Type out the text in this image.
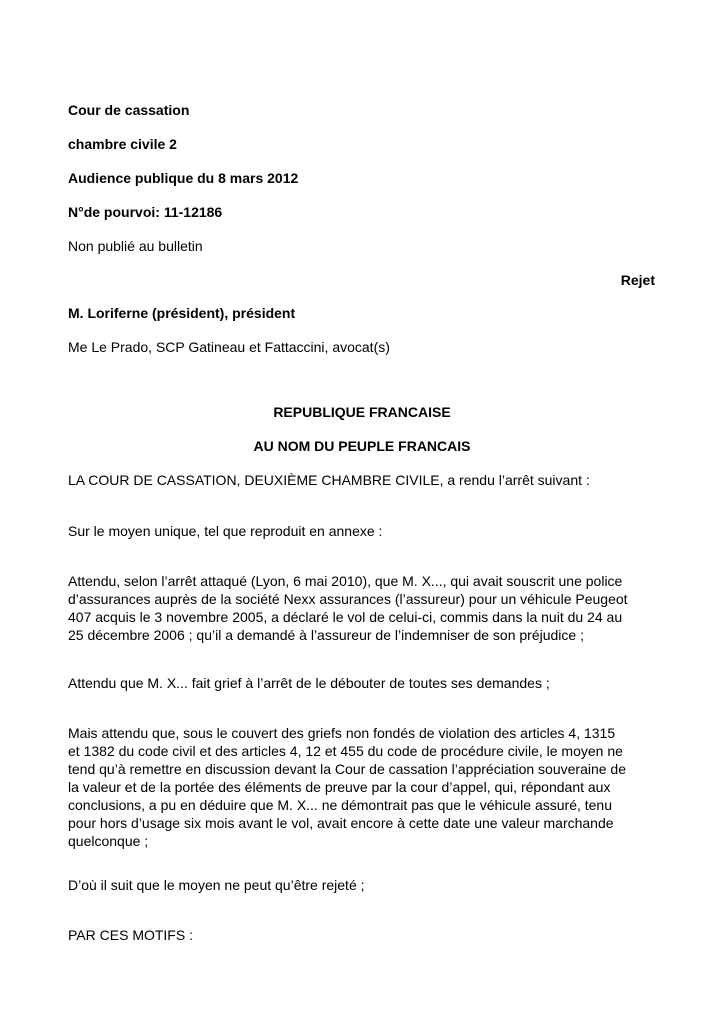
Cour de cassation
chambre civile 2
Audience publique du 8 mars 2012
N°de pourvoi: 11-12186
Non publié au bulletin
Rejet
M. Loriferne (président), président
Me Le Prado, SCP Gatineau et Fattaccini, avocat(s)
REPUBLIQUE FRANCAISE
AU NOM DU PEUPLE FRANCAIS
LA COUR DE CASSATION, DEUXIÈME CHAMBRE CIVILE, a rendu l’arrêt suivant :
Sur le moyen unique, tel que reproduit en annexe :
Attendu, selon l’arrêt attaqué (Lyon, 6 mai 2010), que M. X..., qui avait souscrit une police
d’assurances auprès de la société Nexx assurances (l’assureur) pour un véhicule Peugeot
407 acquis le 3 novembre 2005, a déclaré le vol de celui-ci, commis dans la nuit du 24 au
25 décembre 2006 ; qu’il a demandé à l’assureur de l’indemniser de son préjudice ;
Attendu que M. X... fait grief à l’arrêt de le débouter de toutes ses demandes ;
Mais attendu que, sous le couvert des griefs non fondés de violation des articles 4, 1315
et 1382 du code civil et des articles 4, 12 et 455 du code de procédure civile, le moyen ne
tend qu’à remettre en discussion devant la Cour de cassation l’appréciation souveraine de
la valeur et de la portée des éléments de preuve par la cour d’appel, qui, répondant aux
conclusions, a pu en déduire que M. X... ne démontrait pas que le véhicule assuré, tenu
pour hors d’usage six mois avant le vol, avait encore à cette date une valeur marchande
quelconque ;
D’où il suit que le moyen ne peut qu’être rejeté ;
PAR CES MOTIFS :
